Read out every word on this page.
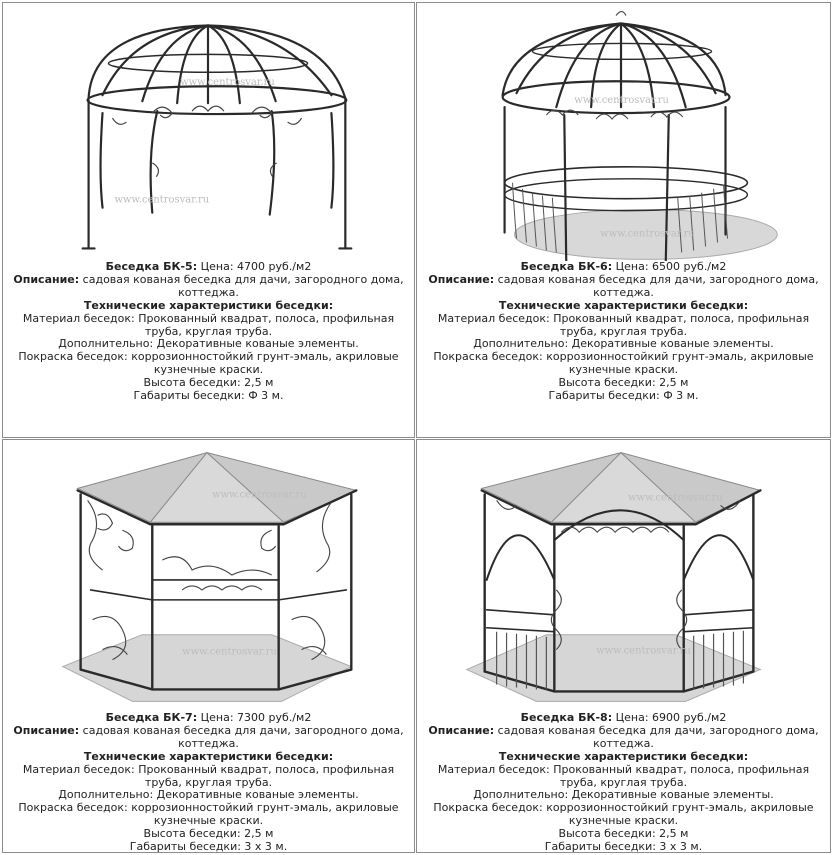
www.centrosvar.ru
www.centrosvar.ru

Беседка БК-5: Цена: 4700 руб./м2

Описание: садовая кованая беседка для дачи, загородного дома, коттеджа.

Технические характеристики беседки:

Материал беседок: Прокованный квадрат, полоса, профильная труба, круглая труба.

Дополнительно: Декоративные кованые элементы.

Покраска беседок: коррозионностойкий грунт-эмаль, акриловые кузнечные краски.

Высота беседки: 2,5 м

Габариты беседки: Ф 3 м.

www.centrosvar.ru
www.centrosvar.ru

Беседка БК-6: Цена: 6500 руб./м2

Описание: садовая кованая беседка для дачи, загородного дома, коттеджа.

Технические характеристики беседки:

Материал беседок: Прокованный квадрат, полоса, профильная труба, круглая труба.

Дополнительно: Декоративные кованые элементы.

Покраска беседок: коррозионностойкий грунт-эмаль, акриловые кузнечные краски.

Высота беседки: 2,5 м

Габариты беседки: Ф 3 м.

www.centrosvar.ru
www.centrosvar.ru

Беседка БК-7: Цена: 7300 руб./м2

Описание: садовая кованая беседка для дачи, загородного дома, коттеджа.

Технические характеристики беседки:

Материал беседок: Прокованный квадрат, полоса, профильная труба, круглая труба.

Дополнительно: Декоративные кованые элементы.

Покраска беседок: коррозионностойкий грунт-эмаль, акриловые кузнечные краски.

Высота беседки: 2,5 м

Габариты беседки: 3 х 3 м.

www.centrosvar.ru
www.centrosvar.ru

Беседка БК-8: Цена: 6900 руб./м2

Описание: садовая кованая беседка для дачи, загородного дома, коттеджа.

Технические характеристики беседки:

Материал беседок: Прокованный квадрат, полоса, профильная труба, круглая труба.

Дополнительно: Декоративные кованые элементы.

Покраска беседок: коррозионностойкий грунт-эмаль, акриловые кузнечные краски.

Высота беседки: 2,5 м

Габариты беседки: 3 х 3 м.
